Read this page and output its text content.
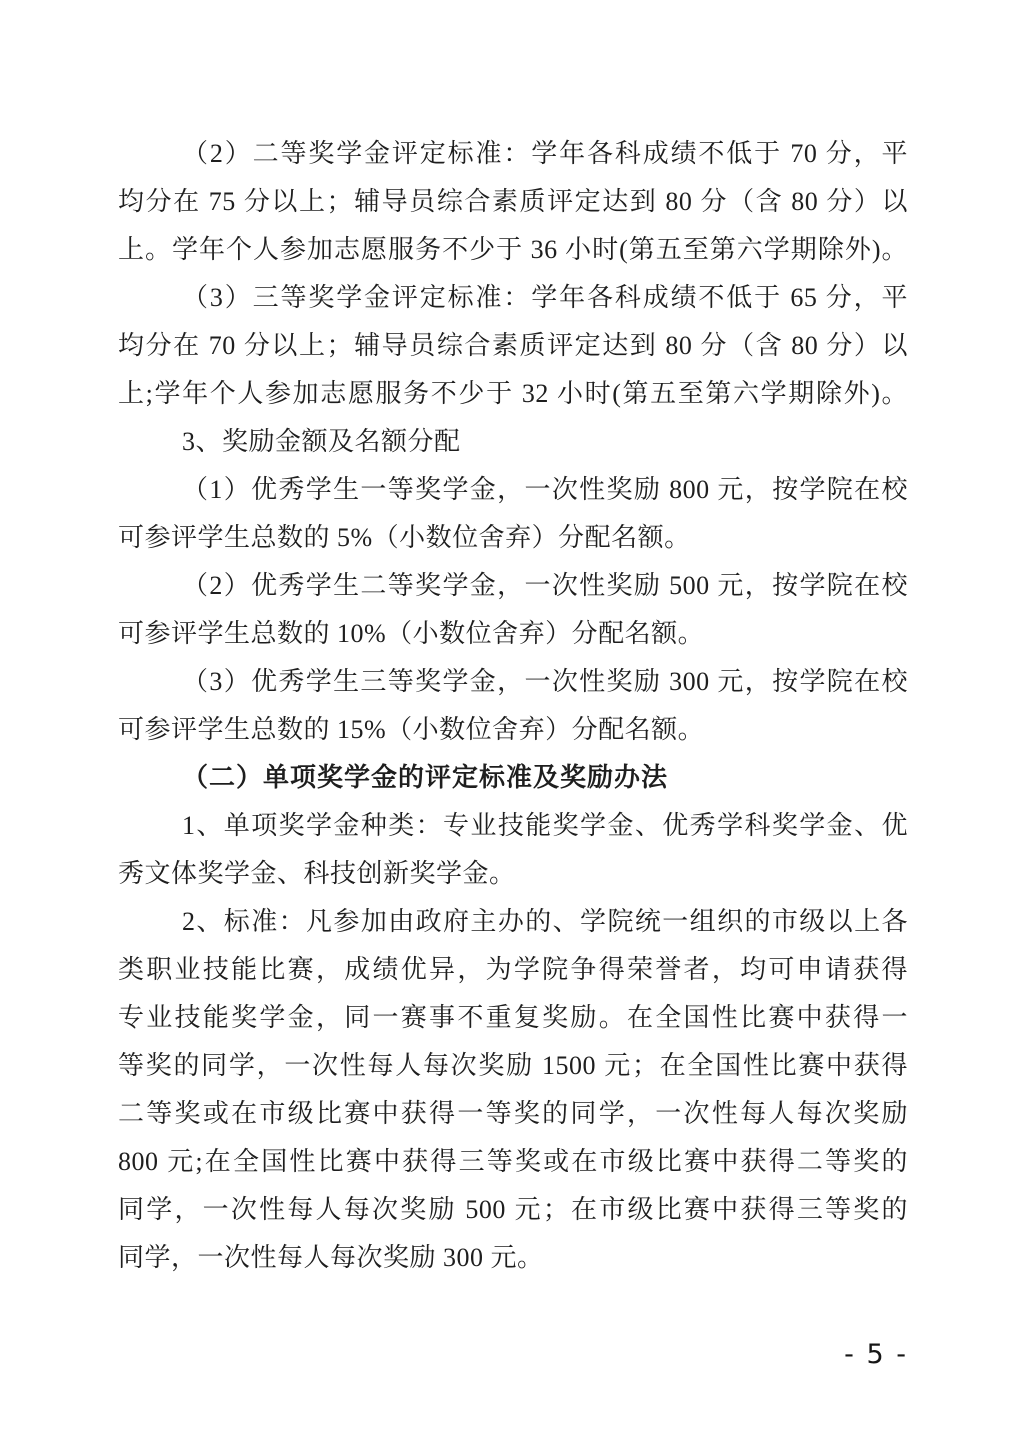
（2）二等奖学金评定标准：学年各科成绩不低于 70 分，平
均分在 75 分以上；辅导员综合素质评定达到 80 分（含 80 分）以
上。学年个人参加志愿服务不少于 36 小时(第五至第六学期除外)。
（3）三等奖学金评定标准：学年各科成绩不低于 65 分，平
均分在 70 分以上；辅导员综合素质评定达到 80 分（含 80 分）以
上;学年个人参加志愿服务不少于 32 小时(第五至第六学期除外)。
3、奖励金额及名额分配
（1）优秀学生一等奖学金，一次性奖励 800 元，按学院在校
可参评学生总数的 5%（小数位舍弃）分配名额。
（2）优秀学生二等奖学金，一次性奖励 500 元，按学院在校
可参评学生总数的 10%（小数位舍弃）分配名额。
（3）优秀学生三等奖学金，一次性奖励 300 元，按学院在校
可参评学生总数的 15%（小数位舍弃）分配名额。
（二）单项奖学金的评定标准及奖励办法
1、单项奖学金种类：专业技能奖学金、优秀学科奖学金、优
秀文体奖学金、科技创新奖学金。
2、标准：凡参加由政府主办的、学院统一组织的市级以上各
类职业技能比赛，成绩优异，为学院争得荣誉者，均可申请获得
专业技能奖学金，同一赛事不重复奖励。在全国性比赛中获得一
等奖的同学，一次性每人每次奖励 1500 元；在全国性比赛中获得
二等奖或在市级比赛中获得一等奖的同学，一次性每人每次奖励
800 元;在全国性比赛中获得三等奖或在市级比赛中获得二等奖的
同学，一次性每人每次奖励 500 元；在市级比赛中获得三等奖的
同学，一次性每人每次奖励 300 元。
- 5 -
